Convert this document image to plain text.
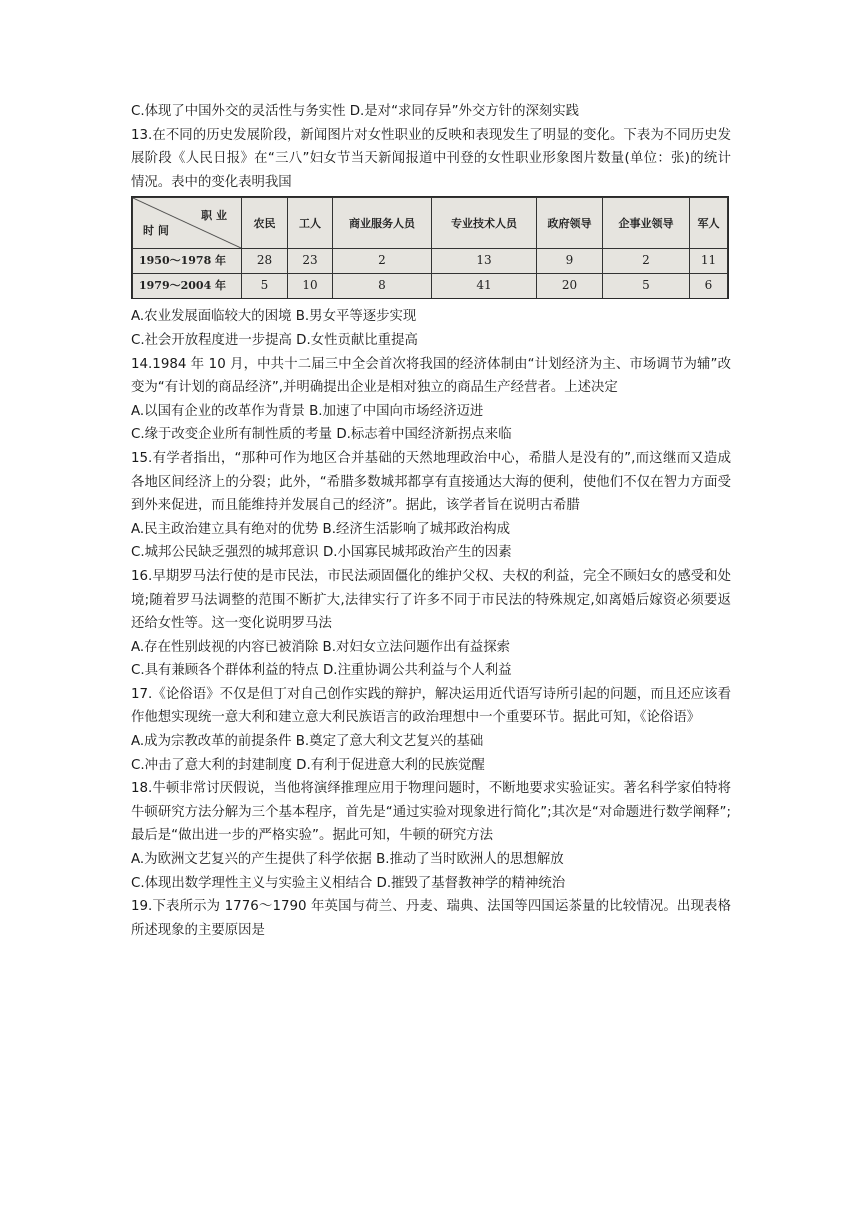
C.体现了中国外交的灵活性与务实性 D.是对“求同存异”外交方针的深刻实践
13.在不同的历史发展阶段，新闻图片对女性职业的反映和表现发生了明显的变化。下表为不同历史发展阶段《人民日报》在“三八”妇女节当天新闻报道中刊登的女性职业形象图片数量(单位：张)的统计情况。表中的变化表明我国
职 业
时 间	农民	工人	商业服务人员	专业技术人员	政府领导	企事业领导	军人
1950～1978 年	28	23	2	13	9	2	11
1979～2004 年	5	10	8	41	20	5	6
A.农业发展面临较大的困境 B.男女平等逐步实现
C.社会开放程度进一步提高 D.女性贡献比重提高
14.1984 年 10 月，中共十二届三中全会首次将我国的经济体制由“计划经济为主、市场调节为辅”改变为“有计划的商品经济”,并明确提出企业是相对独立的商品生产经营者。上述决定
A.以国有企业的改革作为背景 B.加速了中国向市场经济迈进
C.缘于改变企业所有制性质的考量 D.标志着中国经济新拐点来临
15.有学者指出，“那种可作为地区合并基础的天然地理政治中心，希腊人是没有的”,而这继而又造成各地区间经济上的分裂；此外，“希腊多数城邦都享有直接通达大海的便利，使他们不仅在智力方面受到外来促进，而且能维持并发展自己的经济”。据此，该学者旨在说明古希腊
A.民主政治建立具有绝对的优势 B.经济生活影响了城邦政治构成
C.城邦公民缺乏强烈的城邦意识 D.小国寡民城邦政治产生的因素
16.早期罗马法行使的是市民法，市民法顽固僵化的维护父权、夫权的利益，完全不顾妇女的感受和处境;随着罗马法调整的范围不断扩大,法律实行了许多不同于市民法的特殊规定,如离婚后嫁资必须要返还给女性等。这一变化说明罗马法
A.存在性别歧视的内容已被消除 B.对妇女立法问题作出有益探索
C.具有兼顾各个群体利益的特点 D.注重协调公共利益与个人利益
17.《论俗语》不仅是但丁对自己创作实践的辩护，解决运用近代语写诗所引起的问题，而且还应该看作他想实现统一意大利和建立意大利民族语言的政治理想中一个重要环节。据此可知，《论俗语》
A.成为宗教改革的前提条件 B.奠定了意大利文艺复兴的基础
C.冲击了意大利的封建制度 D.有利于促进意大利的民族觉醒
18.牛顿非常讨厌假说，当他将演绎推理应用于物理问题时，不断地要求实验证实。著名科学家伯特将牛顿研究方法分解为三个基本程序，首先是“通过实验对现象进行简化”;其次是“对命题进行数学阐释”;最后是“做出进一步的严格实验”。据此可知，牛顿的研究方法
A.为欧洲文艺复兴的产生提供了科学依据 B.推动了当时欧洲人的思想解放
C.体现出数学理性主义与实验主义相结合 D.摧毁了基督教神学的精神统治
19.下表所示为 1776～1790 年英国与荷兰、丹麦、瑞典、法国等四国运茶量的比较情况。出现表格所述现象的主要原因是
